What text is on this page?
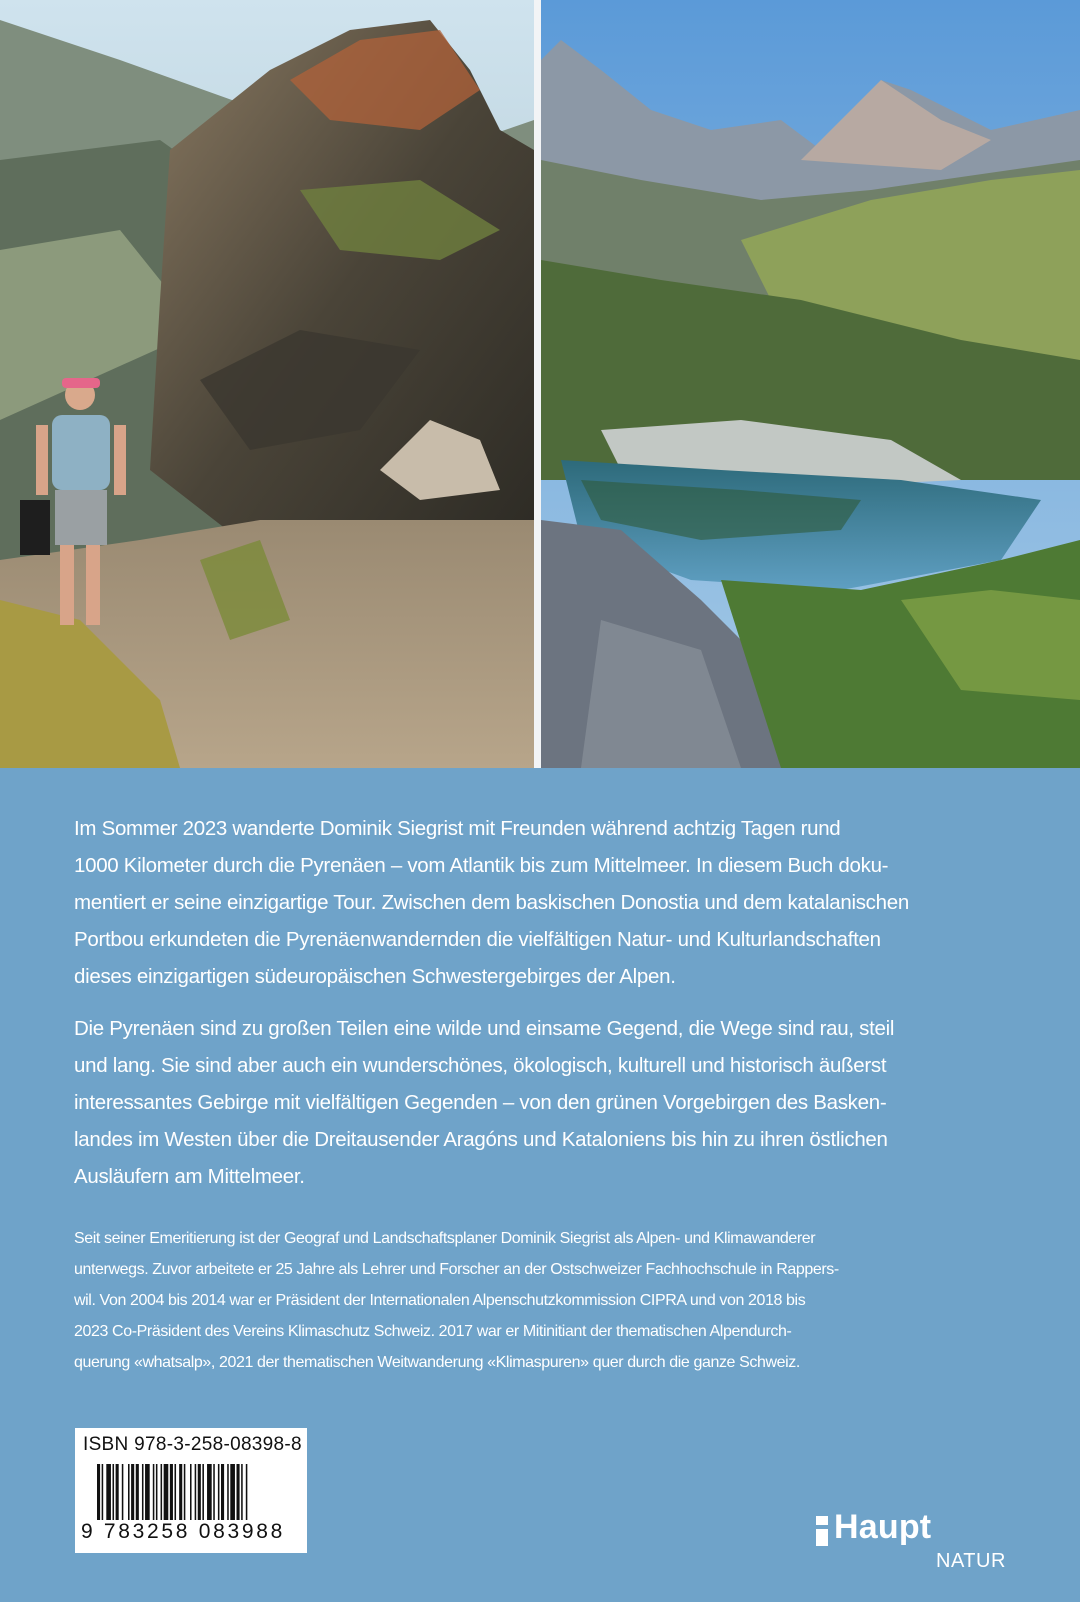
Im Sommer 2023 wanderte Dominik Siegrist mit Freunden während achtzig Tagen rund
1000 Kilometer durch die Pyrenäen – vom Atlantik bis zum Mittelmeer. In diesem Buch doku-
mentiert er seine einzigartige Tour. Zwischen dem baskischen Donostia und dem katalanischen
Portbou erkundeten die Pyrenäenwandernden die vielfältigen Natur- und Kulturlandschaften
dieses einzigartigen südeuropäischen Schwestergebirges der Alpen.

Die Pyrenäen sind zu großen Teilen eine wilde und einsame Gegend, die Wege sind rau, steil
und lang. Sie sind aber auch ein wunderschönes, ökologisch, kulturell und historisch äußerst
interessantes Gebirge mit vielfältigen Gegenden – von den grünen Vorgebirgen des Basken-
landes im Westen über die Dreitausender Aragóns und Kataloniens bis hin zu ihren östlichen
Ausläufern am Mittelmeer.

Seit seiner Emeritierung ist der Geograf und Landschaftsplaner Dominik Siegrist als Alpen- und Klimawanderer
unterwegs. Zuvor arbeitete er 25 Jahre als Lehrer und Forscher an der Ostschweizer Fachhochschule in Rappers-
wil. Von 2004 bis 2014 war er Präsident der Internationalen Alpenschutzkommission CIPRA und von 2018 bis
2023 Co-Präsident des Vereins Klimaschutz Schweiz. 2017 war er Mitinitiant der thematischen Alpendurch-
querung «whatsalp», 2021 der thematischen Weitwanderung «Klimaspuren» quer durch die ganze Schweiz.

ISBN 978-3-258-08398-8
9 783258 083988	Haupt
NATUR
